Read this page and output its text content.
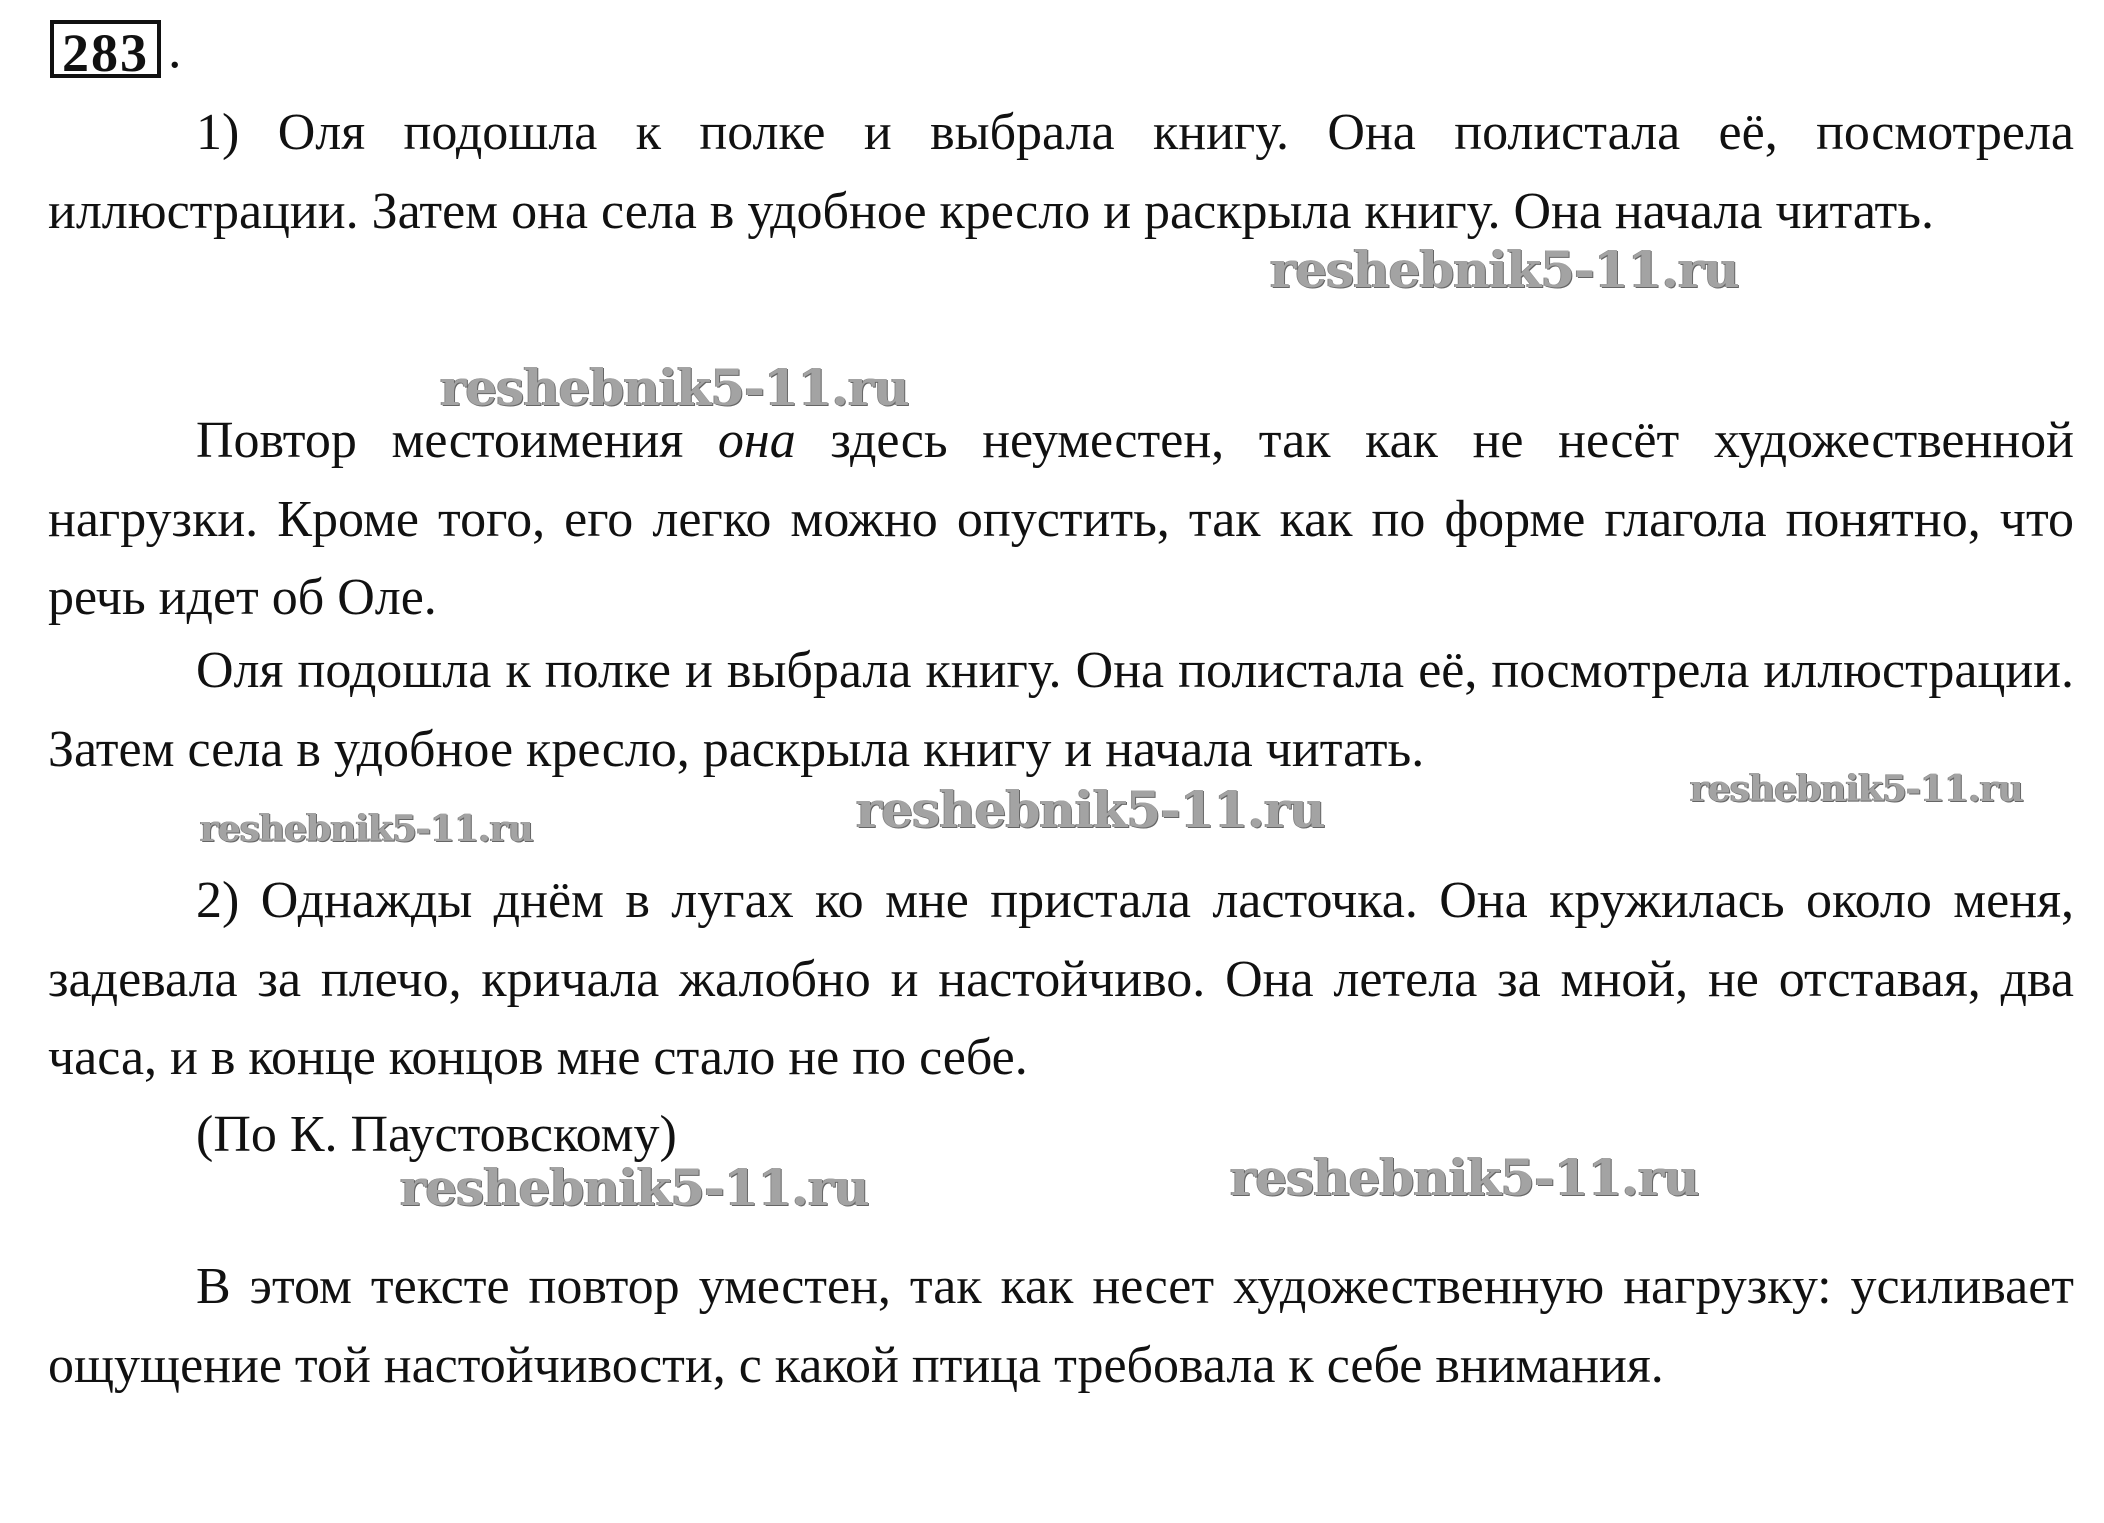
283 .

1) Оля подошла к полке и выбрала книгу. Она полистала её, посмотрела иллюстрации. Затем она села в удобное кресло и раскрыла книгу. Она начала читать.

Повтор местоимения она здесь неуместен, так как не несёт художественной нагрузки. Кроме того, его легко можно опустить, так как по форме глагола понятно, что речь идет об Оле.

Оля подошла к полке и выбрала книгу. Она полистала её, посмотрела иллюстрации. Затем села в удобное кресло, раскрыла книгу и начала читать.

2) Однажды днём в лугах ко мне пристала ласточка. Она кружилась около меня, задевала за плечо, кричала жалобно и настойчиво. Она летела за мной, не отставая, два часа, и в конце концов мне стало не по себе.

(По К. Паустовскому)

В этом тексте повтор уместен, так как несет художественную нагрузку: усиливает ощущение той настойчивости, с какой птица требовала к себе внимания.

reshebnik5-11.ru
reshebnik5-11.ru
reshebnik5-11.ru
reshebnik5-11.ru	reshebnik5-11.ru
reshebnik5-11.ru	reshebnik5-11.ru
